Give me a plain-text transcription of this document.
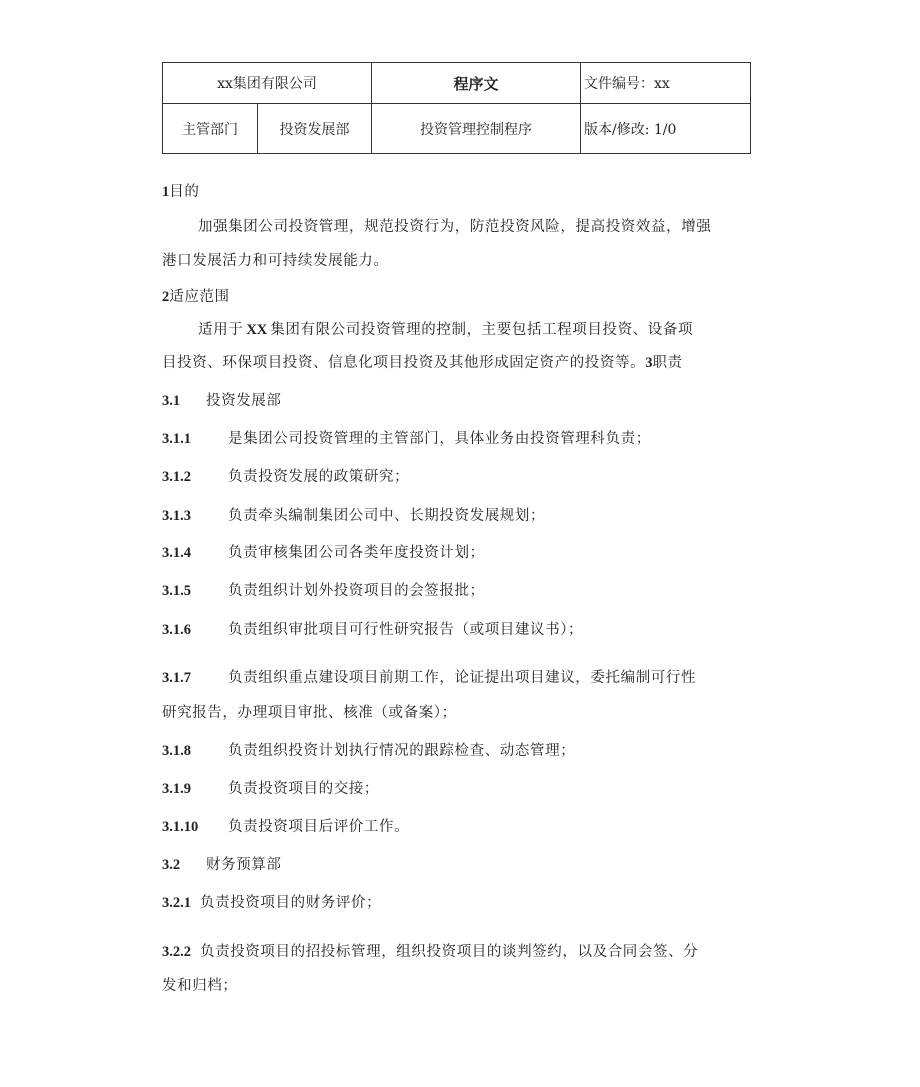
xx集团有限公司		程序文	文件编号：xx
主管部门	投资发展部	投资管理控制程序	版本/修改: 1/0
1目的
加强集团公司投资管理，规范投资行为，防范投资风险，提高投资效益，增强
港口发展活力和可持续发展能力。
2适应范围
适用于 XX 集团有限公司投资管理的控制，主要包括工程项目投资、设备项
目投资、环保项目投资、信息化项目投资及其他形成固定资产的投资等。3职责
3.1 投资发展部
3.1.1	是集团公司投资管理的主管部门，具体业务由投资管理科负责；
3.1.2	负责投资发展的政策研究；
3.1.3	负责牵头编制集团公司中、长期投资发展规划；
3.1.4	负责审核集团公司各类年度投资计划；
3.1.5	负责组织计划外投资项目的会签报批；
3.1.6	负责组织审批项目可行性研究报告（或项目建议书）；
3.1.7	负责组织重点建设项目前期工作，论证提出项目建议，委托编制可行性
研究报告，办理项目审批、核准（或备案）；
3.1.8	负责组织投资计划执行情况的跟踪检查、动态管理；
3.1.9	负责投资项目的交接；
3.1.10 负责投资项目后评价工作。
3.2 财务预算部
3.2.1 负责投资项目的财务评价；
3.2.2 负责投资项目的招投标管理，组织投资项目的谈判签约，以及合同会签、分
发和归档；
